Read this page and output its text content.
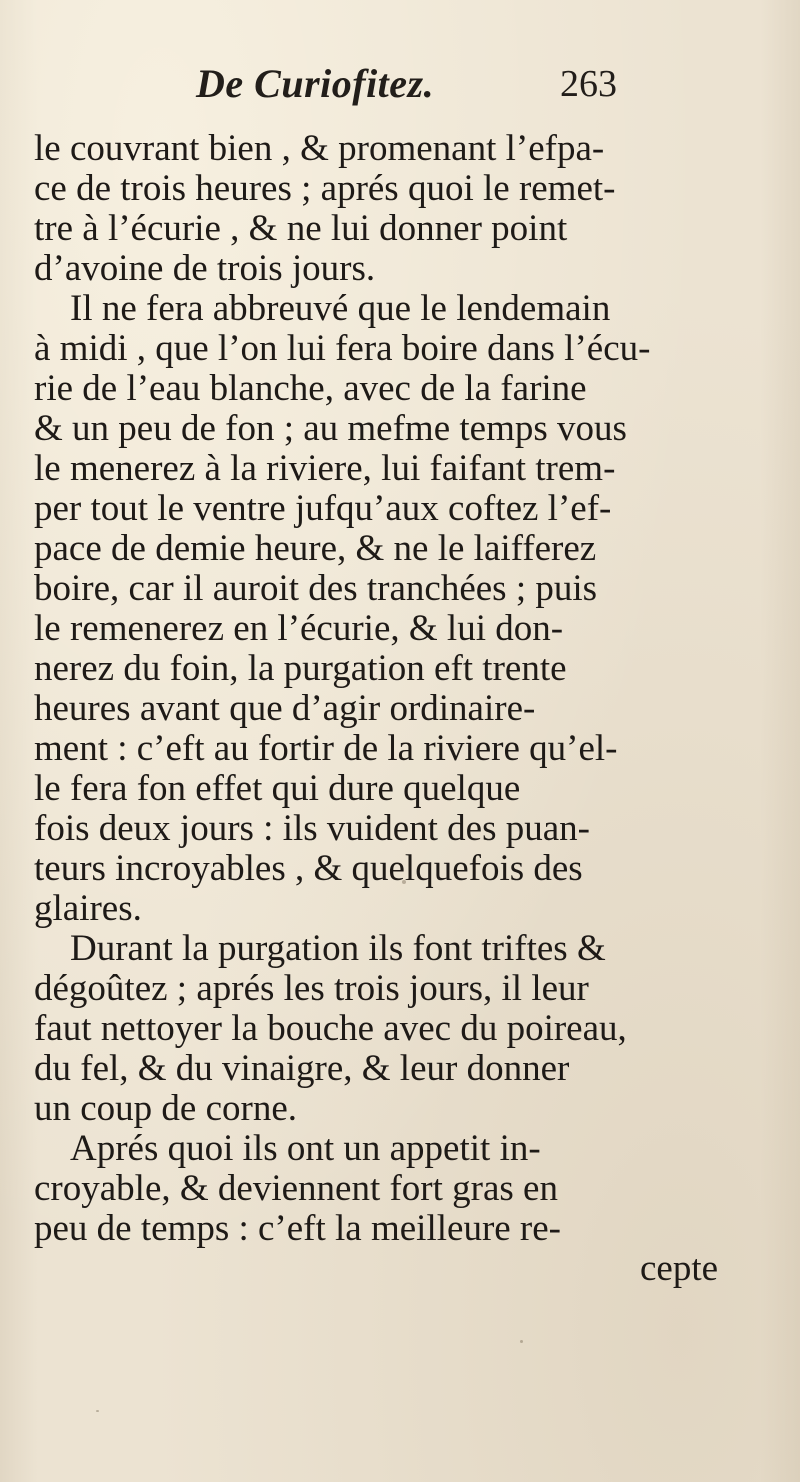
De Curiofitez.	263
le couvrant bien , & promenant l’efpa-
ce de trois heures ; aprés quoi le remet-
tre à l’écurie , & ne lui donner point
d’avoine de trois jours.
Il ne fera abbreuvé que le lendemain
à midi , que l’on lui fera boire dans l’écu-
rie de l’eau blanche, avec de la farine
& un peu de fon ; au mefme temps vous
le menerez à la riviere, lui faifant trem-
per tout le ventre jufqu’aux coftez l’ef-
pace de demie heure, & ne le laifferez
boire, car il auroit des tranchées ; puis
le remenerez en l’écurie, & lui don-
nerez du foin, la purgation eft trente
heures avant que d’agir ordinaire-
ment : c’eft au fortir de la riviere qu’el-
le fera fon effet qui dure quelque
fois deux jours : ils vuident des puan-
teurs incroyables , & quelquefois des
glaires.
Durant la purgation ils font triftes &
dégoûtez ; aprés les trois jours, il leur
faut nettoyer la bouche avec du poireau,
du fel, & du vinaigre, & leur donner
un coup de corne.
Aprés quoi ils ont un appetit in-
croyable, & deviennent fort gras en
peu de temps : c’eft la meilleure re-
cepte
